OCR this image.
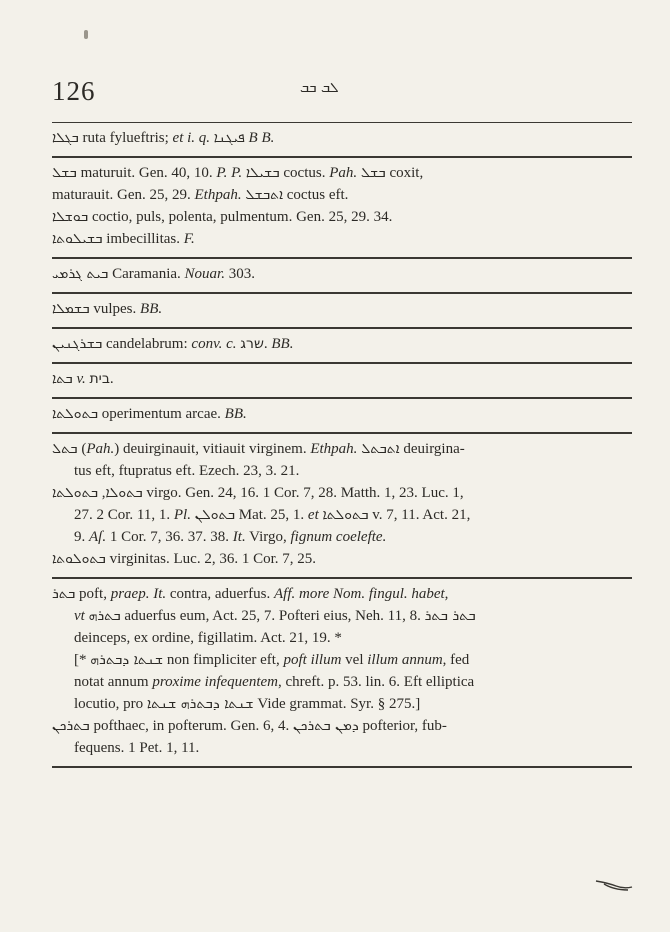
126	ܠܒ ܒܒ
ܒܓܠܐ ruta fylueftris; et i. q. ܦܝܓܢܐ B B.
ܒܫܠ maturuit. Gen. 40, 10. P. P. ܒܫܝܠܐ coctus. Pah. ܒܫܠ coxit,
maturauit. Gen. 25, 29. Ethpah. ܐܬܒܫܠ coctus eft.
ܒܘܫܠܐ coctio, puls, polenta, pulmentum. Gen. 25, 29. 34.
ܒܫܝܠܘܬܐ imbecillitas. F.
ܒܝܬ ܓܪܡܝ Caramania. Nouar. 303.
ܒܫܡܠܐ vulpes. BB.
ܒܫܪܓܢܝܢ candelabrum: conv. c. שרג. BB.
ܒܬܐ v. בית.
ܒܬܘܠܬܐ operimentum arcae. BB.
ܒܬܠ (Pah.) deuirginauit, vitiauit virginem. Ethpah. ܐܬܒܬܠ deuirgina-
tus eft, ftupratus eft. Ezech. 23, 3. 21.
ܒܬܘܠܐ, ܒܬܘܠܬܐ	virgo. Gen. 24, 16. 1 Cor. 7, 28. Matth. 1, 23. Luc. 1,
27. 2 Cor. 11, 1. Pl. ܒܬܘܠܢ Mat. 25, 1. et ܒܬܘܠܬܐ v. 7, 11. Act. 21,
9. Aſ. 1 Cor. 7, 36. 37. 38. It. Virgo, fignum coelefte.
ܒܬܘܠܘܬܐ virginitas. Luc. 2, 36. 1 Cor. 7, 25.
ܒܬܪ poft, praep. It. contra, aduerfus. Aff. more Nom. fingul. habet,
vt ܒܬܪܗ aduerfus eum, Act. 25, 7. Pofteri eius, Neh. 11, 8. ܒܬܪ ܒܬܪ
deinceps, ex ordine, figillatim. Act. 21, 19. *
[* ܫܢܬܐ ܕܒܬܪܗ non fimpliciter eft, poft illum vel illum annum, fed
notat annum proxime infequentem, chreft. p. 53. lin. 6. Eft elliptica
locutio, pro ܫܢܬܐ ܕܒܬܪܗ ܫܢܬܐ Vide grammat. Syr. § 275.]
ܒܬܪܟܢ pofthaec, in pofterum. Gen. 6, 4. ܕܡܢ ܒܬܪܟܢ pofterior, fub-
fequens. 1 Pet. 1, 11.
